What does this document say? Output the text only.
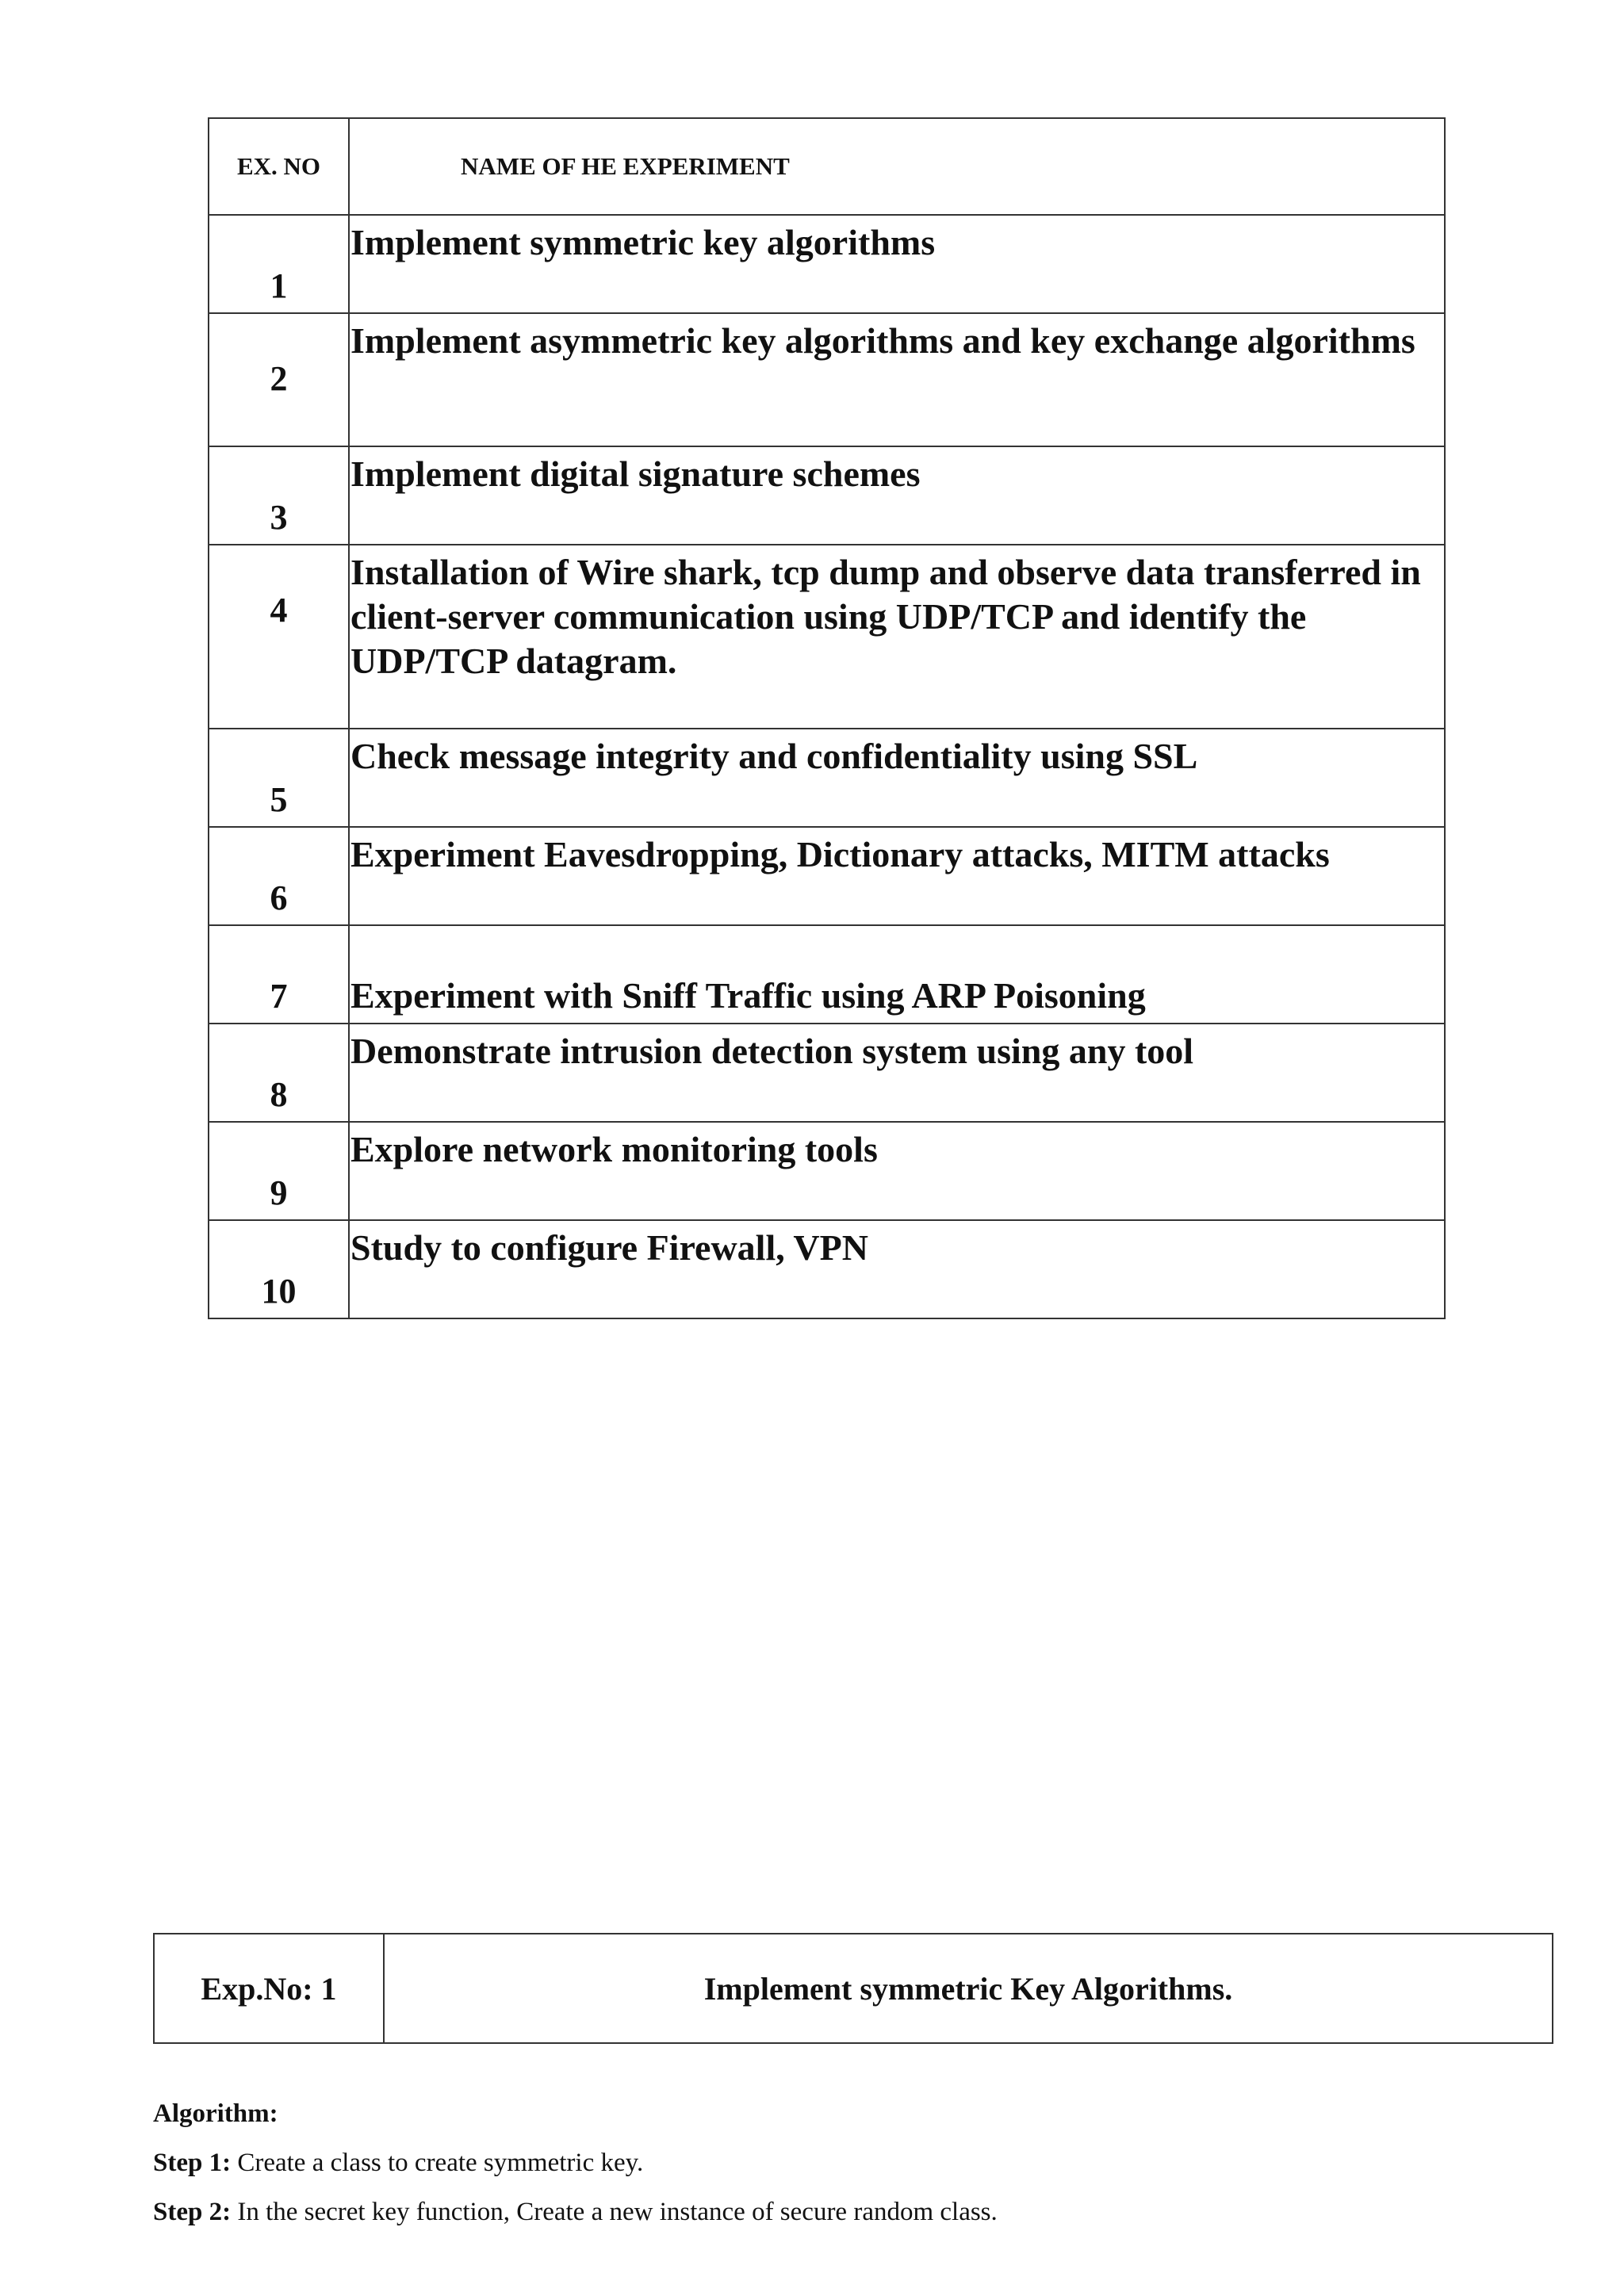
EX. NO	NAME OF HE EXPERIMENT
1	Implement symmetric key algorithms
2	Implement asymmetric key algorithms and key exchange algorithms
3	Implement digital signature schemes
4	Installation of Wire shark, tcp dump and observe data transferred in client-server communication using UDP/TCP and identify the UDP/TCP datagram.
5	Check message integrity and confidentiality using SSL
6	Experiment Eavesdropping, Dictionary attacks, MITM attacks
7	Experiment with Sniff Traffic using ARP Poisoning
8	Demonstrate intrusion detection system using any tool
9	Explore network monitoring tools
10	Study to configure Firewall, VPN
Exp.No: 1	Implement symmetric Key Algorithms.
Algorithm:
Step 1: Create a class to create symmetric key.
Step 2: In the secret key function, Create a new instance of secure random class.
